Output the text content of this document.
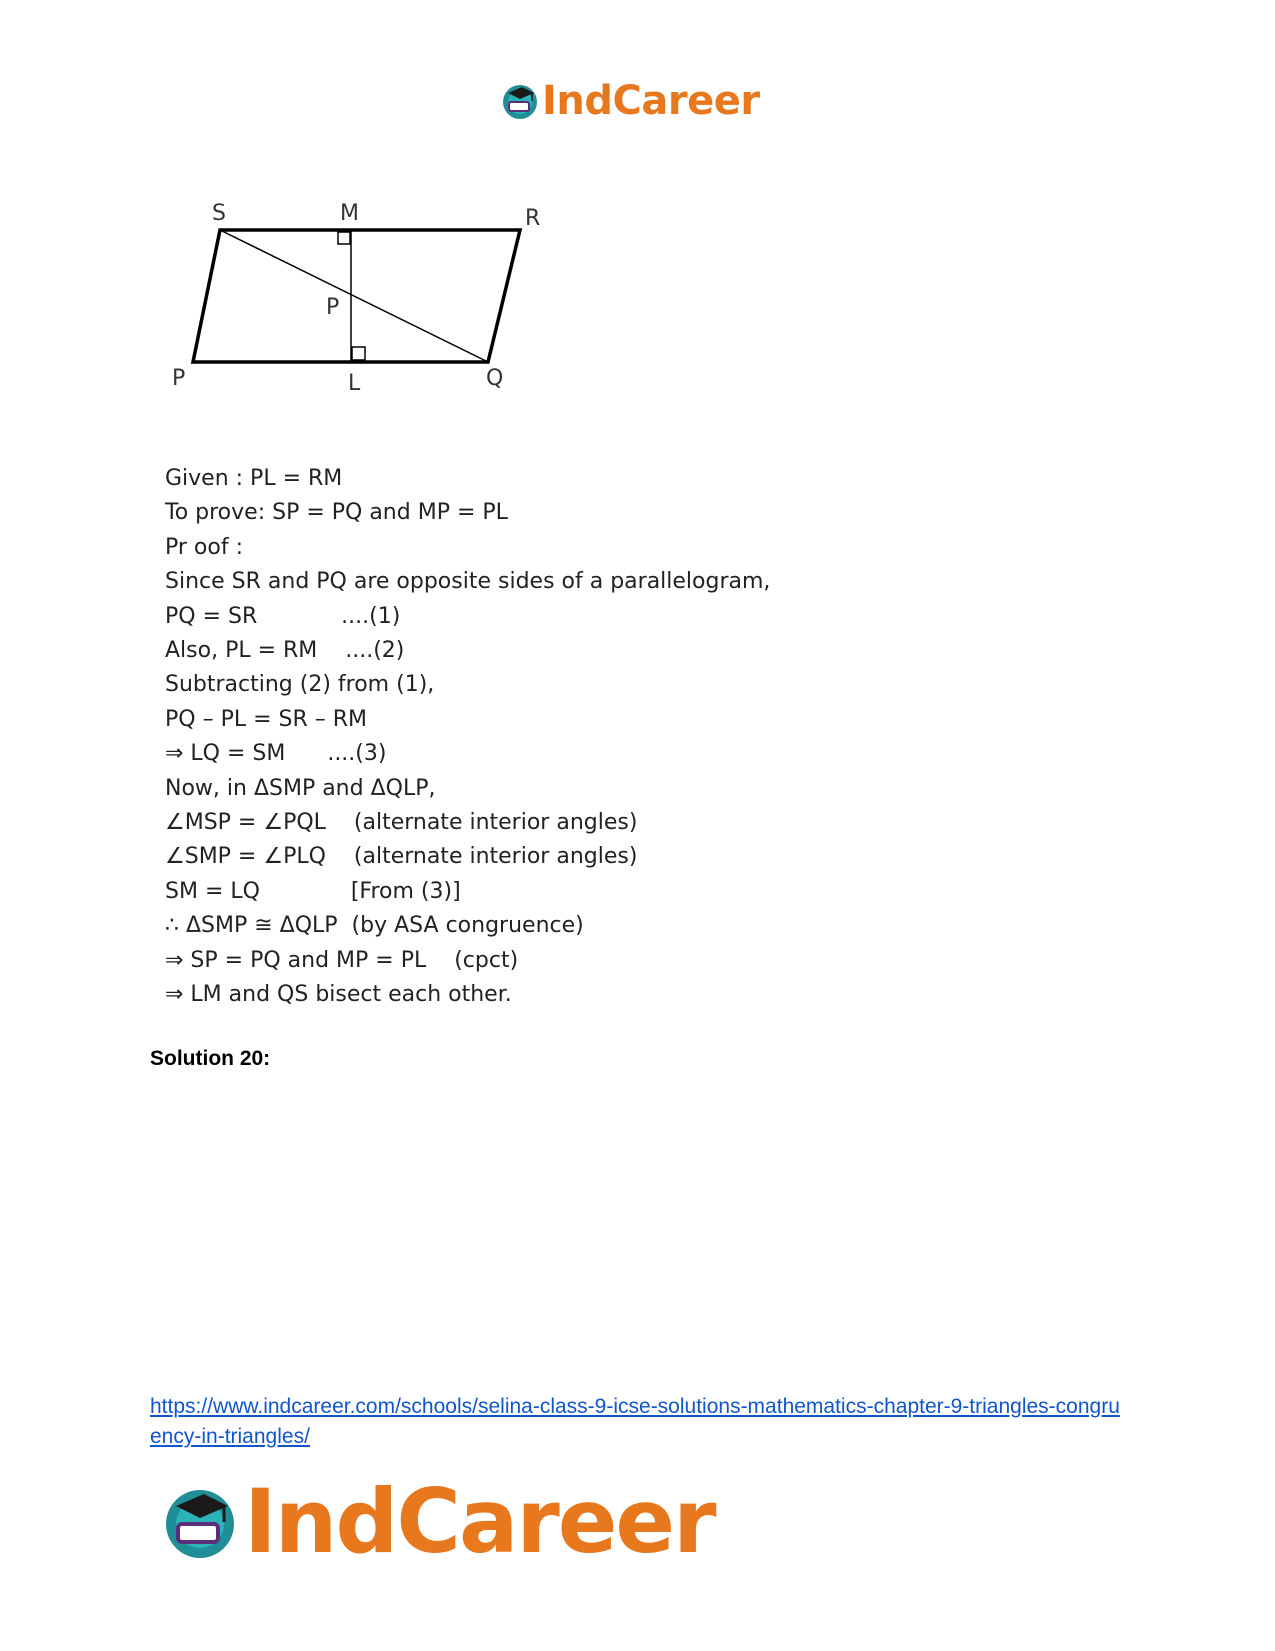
IndCareer
S	M	R
P
P	L	Q
Given : PL = RM
To prove: SP = PQ and MP = PL
Pr oof :
Since SR and PQ are opposite sides of a parallelogram,
PQ = SR            ....(1)
Also, PL = RM    ....(2)
Subtracting (2) from (1),
PQ – PL = SR – RM
⇒ LQ = SM      ....(3)
Now, in ΔSMP and ΔQLP,
∠MSP = ∠PQL    (alternate interior angles)
∠SMP = ∠PLQ    (alternate interior angles)
SM = LQ             [From (3)]
∴ ΔSMP ≅ ΔQLP  (by ASA congruence)
⇒ SP = PQ and MP = PL    (cpct)
⇒ LM and QS bisect each other.
Solution 20:
https://www.indcareer.com/schools/selina-class-9-icse-solutions-mathematics-chapter-9-triangles-congruency-in-triangles/
IndCareer
